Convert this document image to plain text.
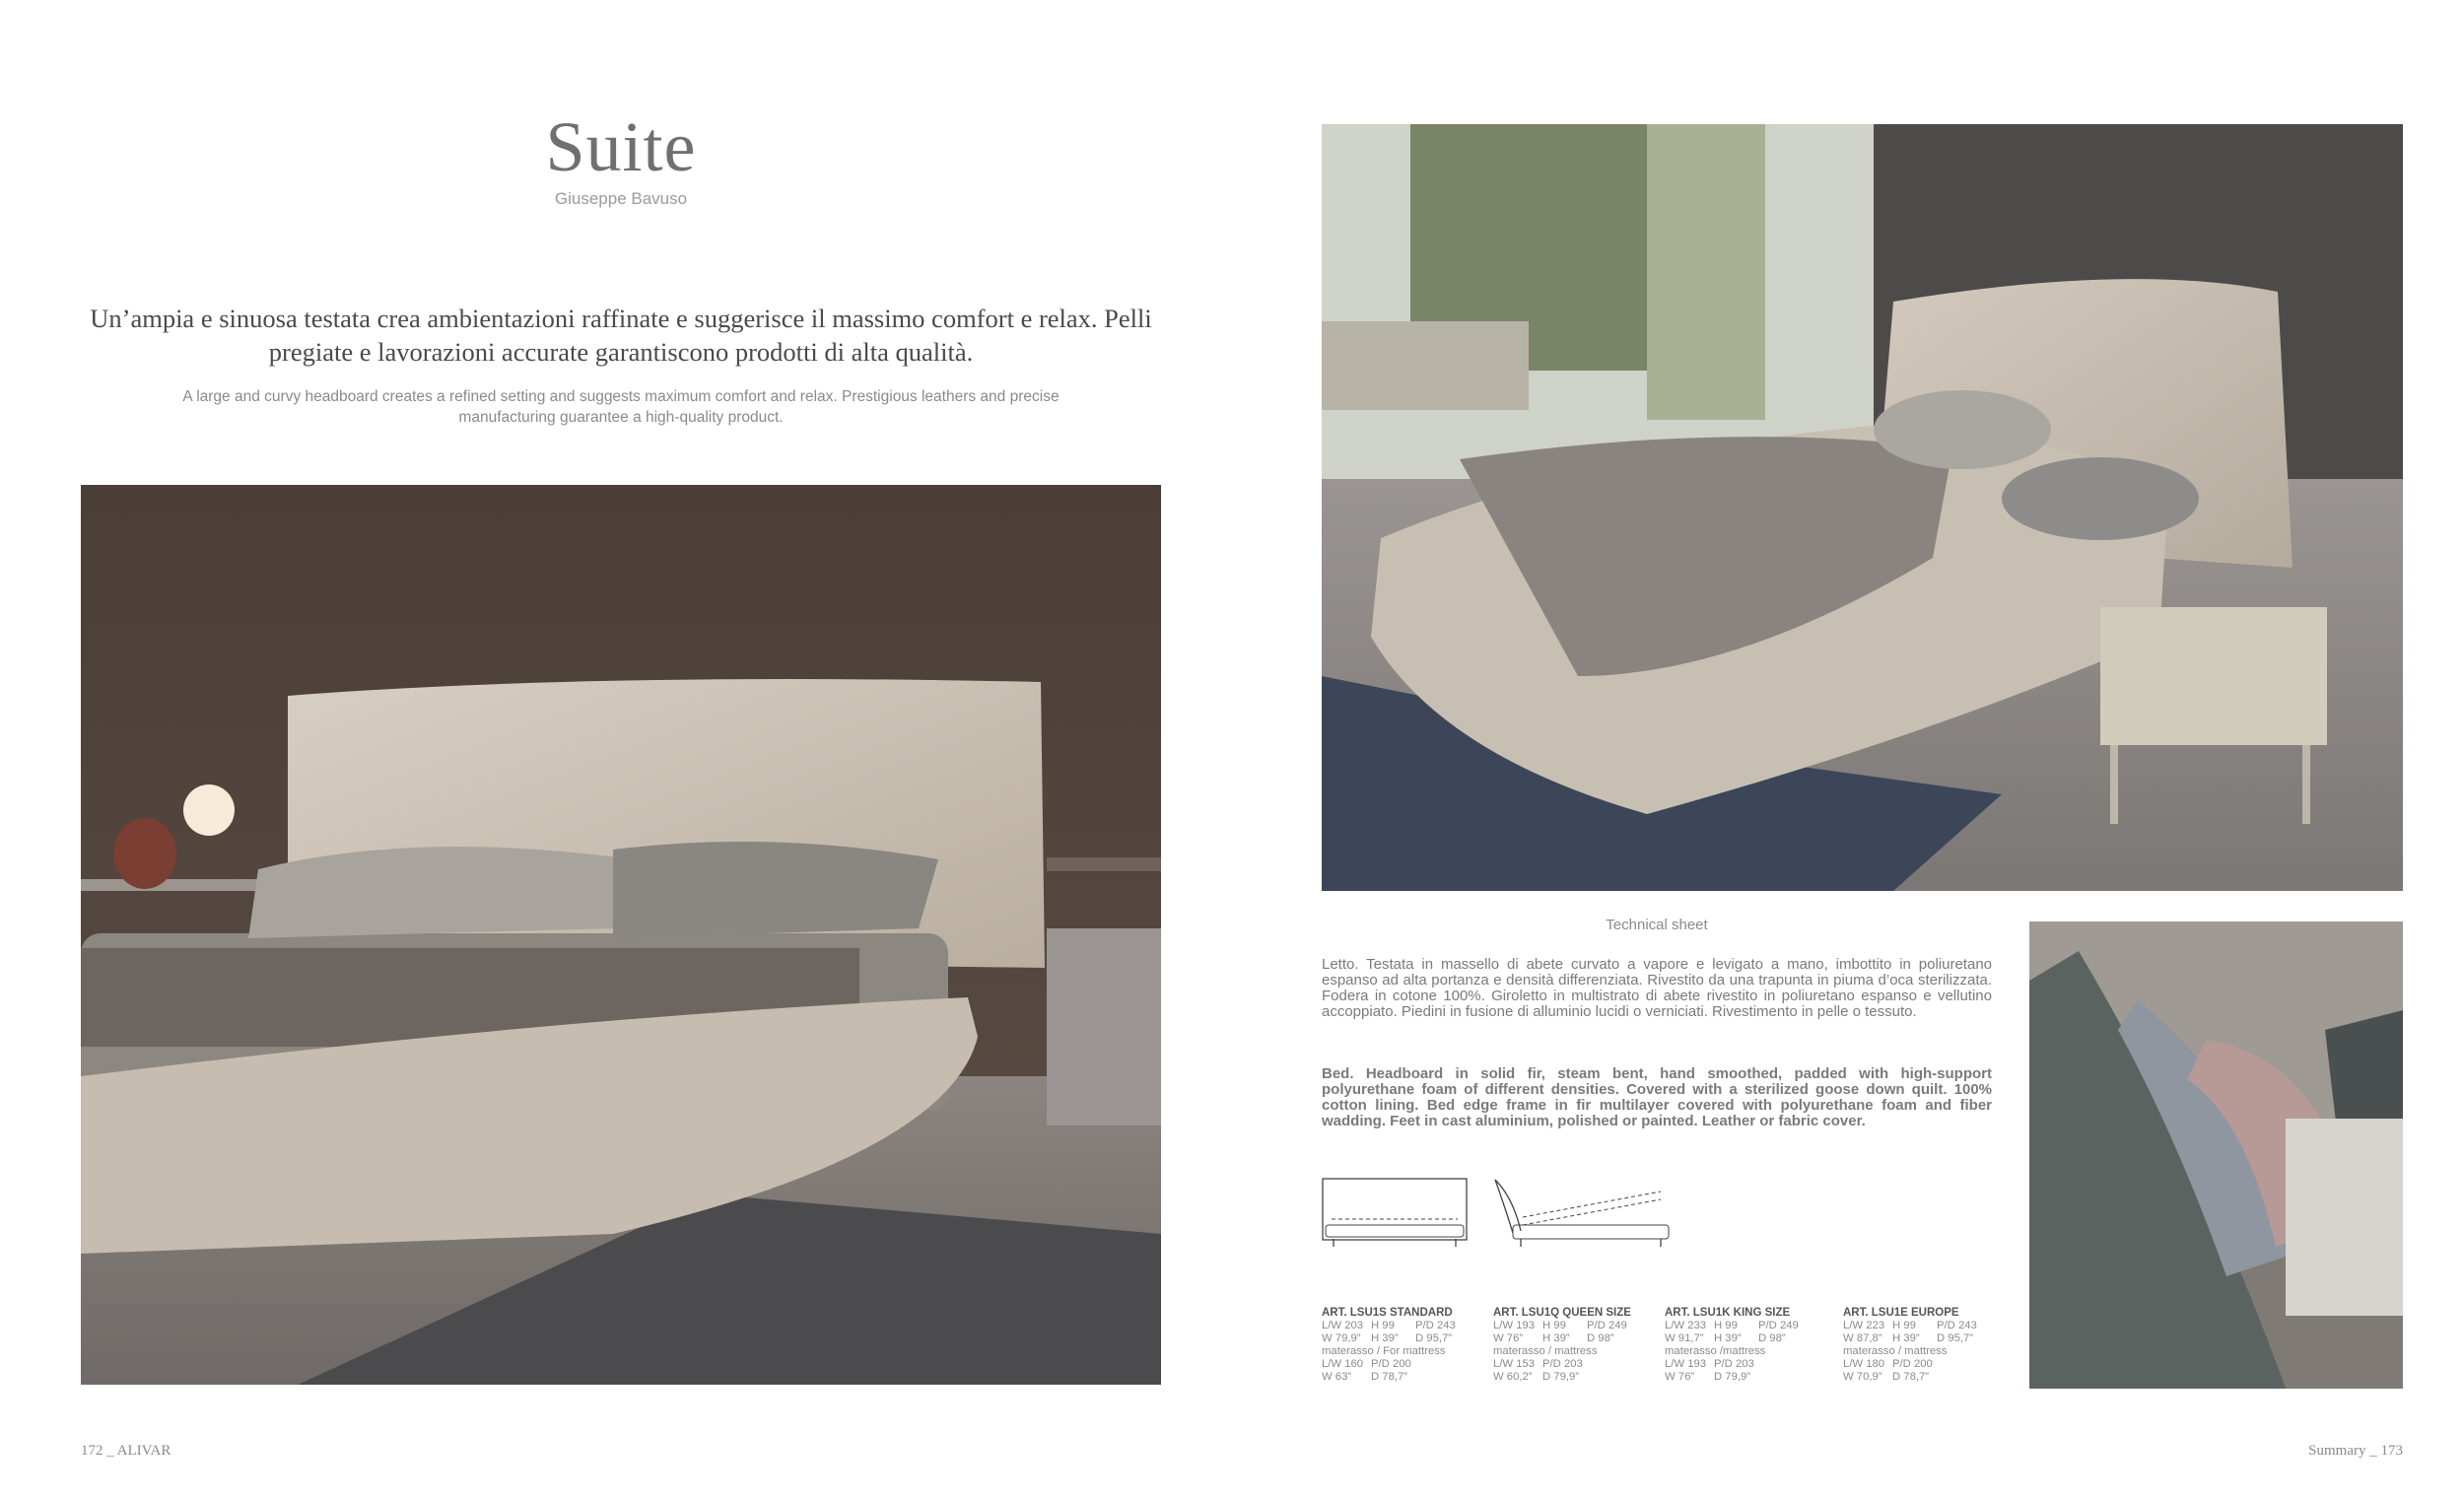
Suite
Giuseppe Bavuso
Un’ampia e sinuosa testata crea ambientazioni raffinate e suggerisce il massimo comfort e relax. Pelli pregiate e lavorazioni accurate garantiscono prodotti di alta qualità.
A large and curvy headboard creates a refined setting and suggests maximum comfort and relax. Prestigious leathers and precise manufacturing guarantee a high-quality product.
Technical sheet
Letto. Testata in massello di abete curvato a vapore e levigato a mano, imbottito in poliuretano espanso ad alta portanza e densità differenziata. Rivestito da una trapunta in piuma d’oca sterilizzata. Fodera in cotone 100%. Giroletto in multistrato di abete rivestito in poliuretano espanso e vellutino accoppiato. Piedini in fusione di alluminio lucidi o verniciati. Rivestimento in pelle o tessuto.
Bed. Headboard in solid fir, steam bent, hand smoothed, padded with high-support polyurethane foam of different densities. Covered with a sterilized goose down quilt. 100% cotton lining. Bed edge frame in fir multilayer covered with polyurethane foam and fiber wadding. Feet in cast aluminium, polished or painted. Leather or fabric cover.
ART. LSU1S STANDARD
L/W 203 H 99 P/D 243
W 79,9” H 39” D 95,7”
materasso / For mattress
L/W 160 P/D 200
W 63” D 78,7”
ART. LSU1Q QUEEN SIZE
L/W 193 H 99 P/D 249
W 76” H 39” D 98”
materasso / mattress
L/W 153 P/D 203
W 60,2” D 79,9”
ART. LSU1K KING SIZE
L/W 233 H 99 P/D 249
W 91,7” H 39” D 98”
materasso /mattress
L/W 193 P/D 203
W 76” D 79,9”
ART. LSU1E EUROPE
L/W 223 H 99 P/D 243
W 87,8” H 39” D 95,7”
materasso / mattress
L/W 180 P/D 200
W 70,9” D 78,7”
172 _ ALIVAR	Summary _ 173
